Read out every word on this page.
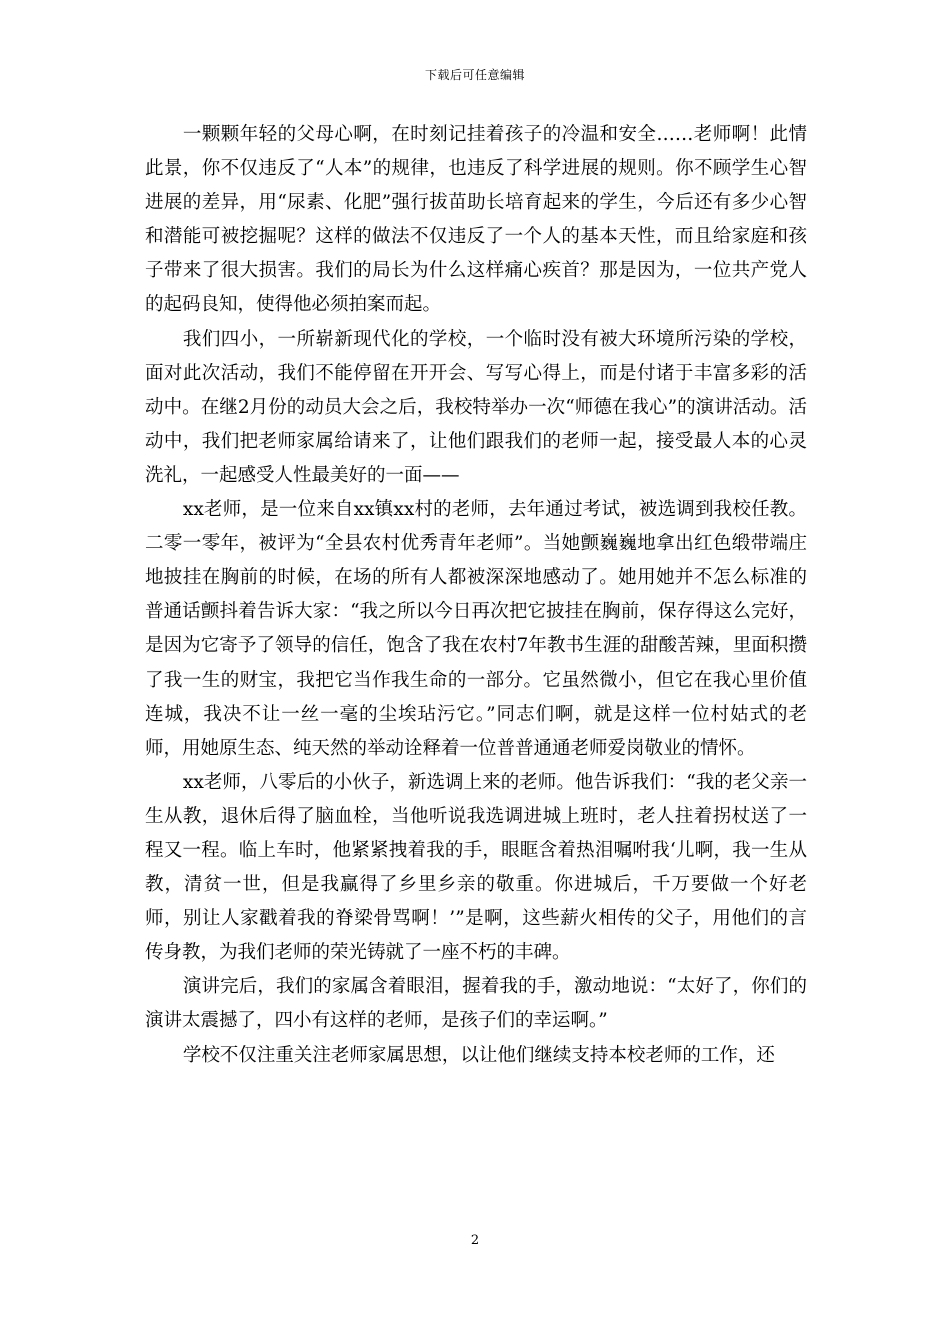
下载后可任意编辑

一颗颗年轻的父母心啊，在时刻记挂着孩子的冷温和安全……老师啊！此情此景，你不仅违反了“人本”的规律，也违反了科学进展的规则。你不顾学生心智进展的差异，用“尿素、化肥”强行拔苗助长培育起来的学生，今后还有多少心智和潜能可被挖掘呢？这样的做法不仅违反了一个人的基本天性，而且给家庭和孩子带来了很大损害。我们的局长为什么这样痛心疾首？那是因为，一位共产党人的起码良知，使得他必须拍案而起。

我们四小，一所崭新现代化的学校，一个临时没有被大环境所污染的学校，面对此次活动，我们不能停留在开开会、写写心得上，而是付诸于丰富多彩的活动中。在继2月份的动员大会之后，我校特举办一次“师德在我心”的演讲活动。活动中，我们把老师家属给请来了，让他们跟我们的老师一起，接受最人本的心灵洗礼，一起感受人性最美好的一面——

xx老师，是一位来自xx镇xx村的老师，去年通过考试，被选调到我校任教。二零一零年，被评为“全县农村优秀青年老师”。当她颤巍巍地拿出红色缎带端庄地披挂在胸前的时候，在场的所有人都被深深地感动了。她用她并不怎么标准的普通话颤抖着告诉大家：“我之所以今日再次把它披挂在胸前，保存得这么完好，是因为它寄予了领导的信任，饱含了我在农村7年教书生涯的甜酸苦辣，里面积攒了我一生的财宝，我把它当作我生命的一部分。它虽然微小，但它在我心里价值连城，我决不让一丝一毫的尘埃玷污它。”同志们啊，就是这样一位村姑式的老师，用她原生态、纯天然的举动诠释着一位普普通通老师爱岗敬业的情怀。

xx老师，八零后的小伙子，新选调上来的老师。他告诉我们：“我的老父亲一生从教，退休后得了脑血栓，当他听说我选调进城上班时，老人拄着拐杖送了一程又一程。临上车时，他紧紧拽着我的手，眼眶含着热泪嘱咐我‘儿啊，我一生从教，清贫一世，但是我赢得了乡里乡亲的敬重。你进城后，千万要做一个好老师，别让人家戳着我的脊梁骨骂啊！’”是啊，这些薪火相传的父子，用他们的言传身教，为我们老师的荣光铸就了一座不朽的丰碑。

演讲完后，我们的家属含着眼泪，握着我的手，激动地说：“太好了，你们的演讲太震撼了，四小有这样的老师，是孩子们的幸运啊。”

学校不仅注重关注老师家属思想，以让他们继续支持本校老师的工作，还

2
